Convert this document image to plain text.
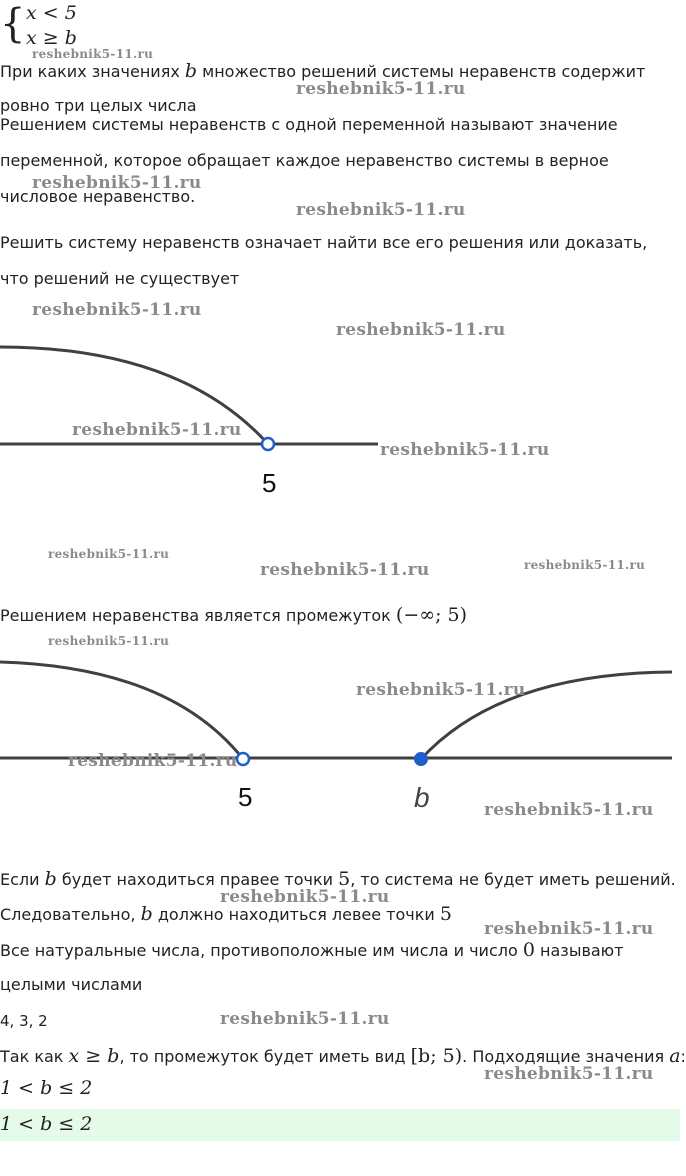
{ x < 5
x ≥ b
При каких значениях b множество решений системы неравенств содержит
ровно три целых числа
Решением системы неравенств с одной переменной называют значение
переменной, которое обращает каждое неравенство системы в верное
числовое неравенство.
Решить систему неравенств означает найти все его решения или доказать,
что решений не существует
5
Решением неравенства является промежуток (−∞; 5)
5	b
Если b будет находиться правее точки 5, то система не будет иметь решений.
Следовательно, b должно находиться левее точки 5
Все натуральные числа, противоположные им числа и число 0 называют
целыми числами
4, 3, 2
Так как x ≥ b, то промежуток будет иметь вид [b; 5). Подходящие значения a:
1 < b ≤ 2
1 < b ≤ 2
reshebnik5-11.ru
reshebnik5-11.ru
reshebnik5-11.ru
reshebnik5-11.ru
reshebnik5-11.ru
reshebnik5-11.ru
reshebnik5-11.ru
reshebnik5-11.ru
reshebnik5-11.ru
reshebnik5-11.ru	reshebnik5-11.ru
reshebnik5-11.ru
reshebnik5-11.ru
reshebnik5-11.ru
reshebnik5-11.ru
reshebnik5-11.ru
reshebnik5-11.ru
reshebnik5-11.ru
reshebnik5-11.ru
